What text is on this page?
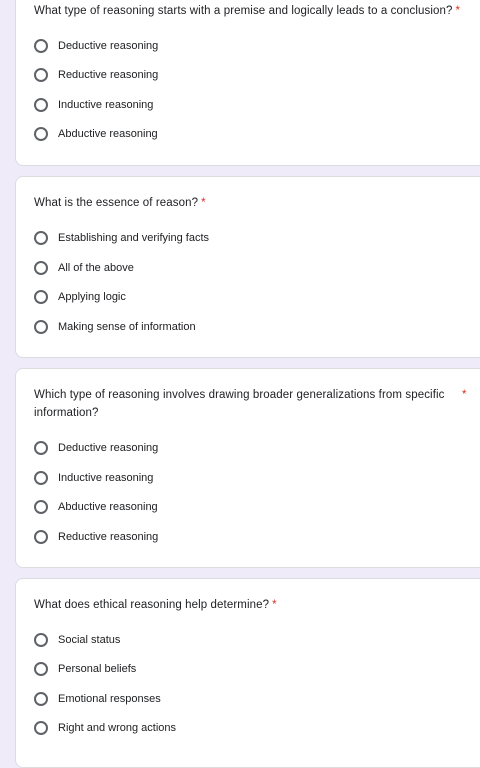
What type of reasoning starts with a premise and logically leads to a conclusion? *
Deductive reasoning
Reductive reasoning
Inductive reasoning
Abductive reasoning
What is the essence of reason? *
Establishing and verifying facts
All of the above
Applying logic
Making sense of information
Which type of reasoning involves drawing broader generalizations from specific information?
*
Deductive reasoning
Inductive reasoning
Abductive reasoning
Reductive reasoning
What does ethical reasoning help determine? *
Social status
Personal beliefs
Emotional responses
Right and wrong actions
